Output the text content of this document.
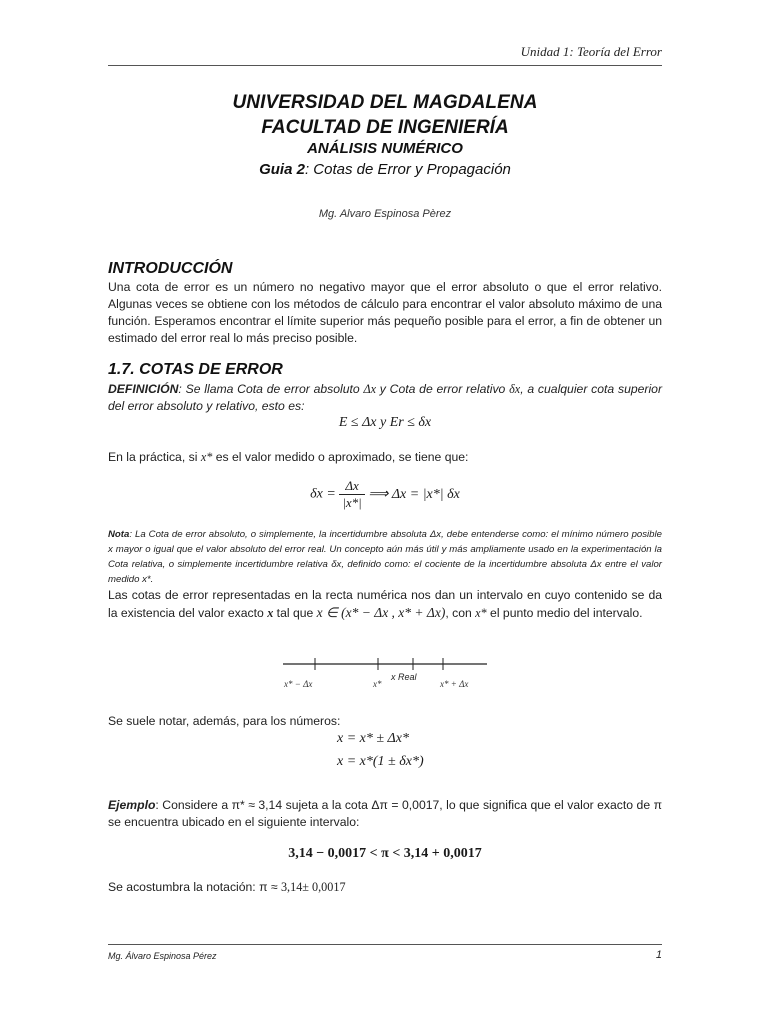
Unidad 1: Teoría del Error
UNIVERSIDAD DEL MAGDALENA
FACULTAD DE INGENIERÍA
ANÁLISIS NUMÉRICO
Guia 2: Cotas de Error y Propagación
Mg. Alvaro Espinosa Pèrez
INTRODUCCIÓN
Una cota de error es un número no negativo mayor que el error absoluto o que el error relativo. Algunas veces se obtiene con los métodos de cálculo para encontrar el valor absoluto máximo de una función. Esperamos encontrar el límite superior más pequeño posible para el error, a fin de obtener un estimado del error real lo más preciso posible.
1.7. COTAS DE ERROR
DEFINICIÓN: Se llama Cota de error absoluto Δx y Cota de error relativo δx, a cualquier cota superior del error absoluto y relativo, esto es:
E ≤ Δx y Er ≤ δx
En la práctica, si x* es el valor medido o aproximado, se tiene que:
$\delta x = \frac{\Delta x}{|x*|}$ ⟹ Δx = |x*| δx
Nota: La Cota de error absoluto, o simplemente, la incertidumbre absoluta Δx, debe entenderse como: el mínimo número posible x mayor o igual que el valor absoluto del error real. Un concepto aún más útil y más ampliamente usado en la experimentación la Cota relativa, o simplemente incertidumbre relativa δx, definido como: el cociente de la incertidumbre absoluta Δx entre el valor medido x*.
Las cotas de error representadas en la recta numérica nos dan un intervalo en cuyo contenido se da la existencia del valor exacto x tal que x ∈ (x* − Δx , x* + Δx), con x* el punto medio del intervalo.
x* − Δx	x*
x Real
x* + Δx
Se suele notar, además, para los números:
x = x* ± Δx*
x = x*(1 ± δx*)
Ejemplo: Considere a π* ≈ 3,14 sujeta a la cota Δπ = 0,0017, lo que significa que el valor exacto de π se encuentra ubicado en el siguiente intervalo:
3,14 − 0,0017 < π < 3,14 + 0,0017
Se acostumbra la notación: π ≈ 3,14± 0,0017
Mg. Álvaro Espinosa Pérez	1
